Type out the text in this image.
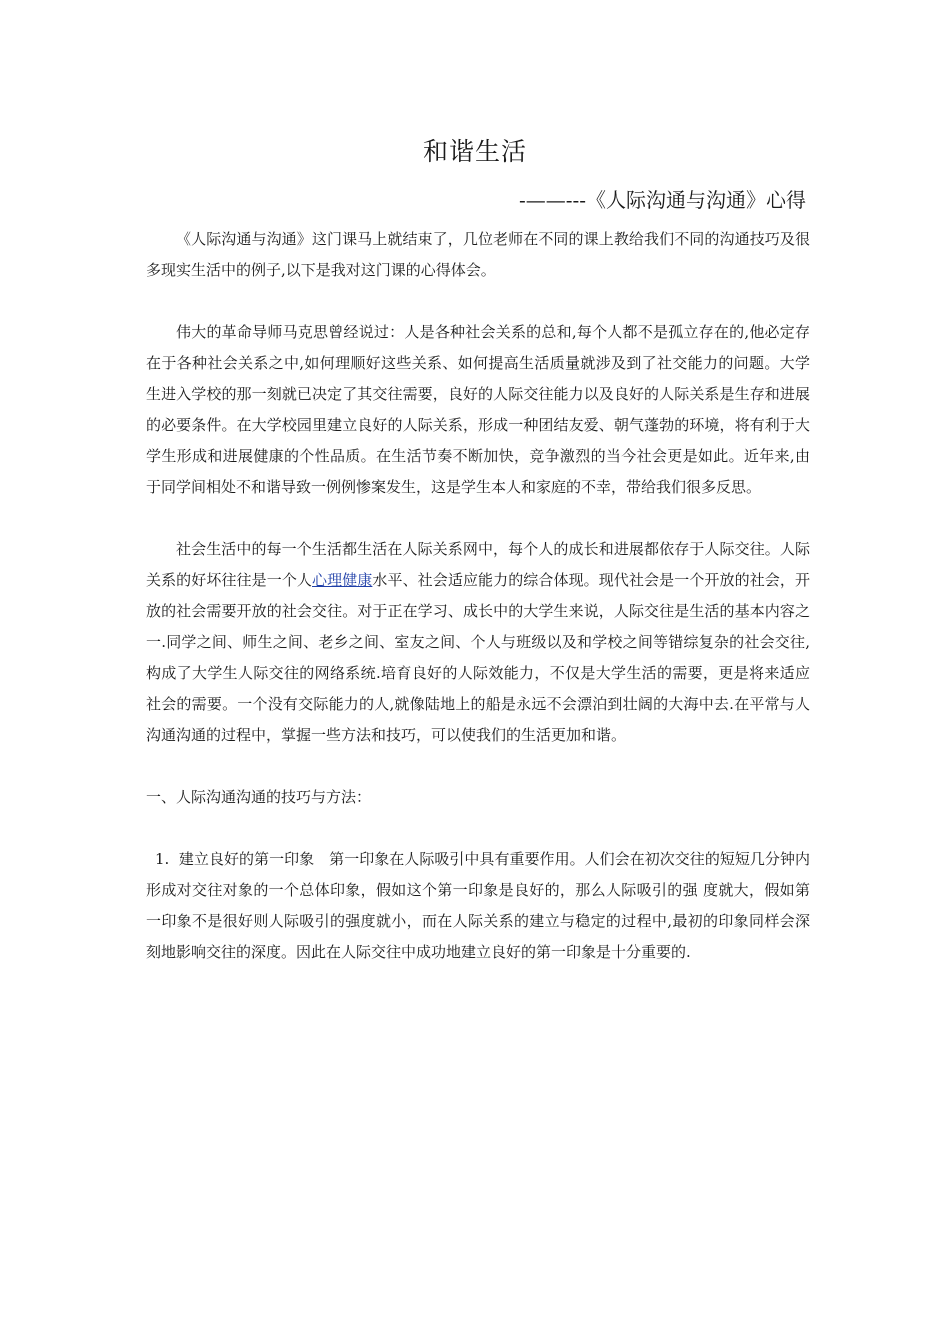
和谐生活
-——---《人际沟通与沟通》心得

《人际沟通与沟通》这门课马上就结束了，几位老师在不同的课上教给我们不同的沟通技巧及很多现实生活中的例子,以下是我对这门课的心得体会。

伟大的革命导师马克思曾经说过：人是各种社会关系的总和,每个人都不是孤立存在的,他必定存在于各种社会关系之中,如何理顺好这些关系、如何提高生活质量就涉及到了社交能力的问题。大学生进入学校的那一刻就已决定了其交往需要，良好的人际交往能力以及良好的人际关系是生存和进展的必要条件。在大学校园里建立良好的人际关系，形成一种团结友爱、朝气蓬勃的环境，将有利于大学生形成和进展健康的个性品质。在生活节奏不断加快，竞争激烈的当今社会更是如此。近年来,由于同学间相处不和谐导致一例例惨案发生，这是学生本人和家庭的不幸，带给我们很多反思。

社会生活中的每一个生活都生活在人际关系网中，每个人的成长和进展都依存于人际交往。人际关系的好坏往往是一个人心理健康水平、社会适应能力的综合体现。现代社会是一个开放的社会，开放的社会需要开放的社会交往。对于正在学习、成长中的大学生来说，人际交往是生活的基本内容之一.同学之间、师生之间、老乡之间、室友之间、个人与班级以及和学校之间等错综复杂的社会交往,构成了大学生人际交往的网络系统.培育良好的人际效能力，不仅是大学生活的需要，更是将来适应社会的需要。一个没有交际能力的人,就像陆地上的船是永远不会漂泊到壮阔的大海中去.在平常与人沟通沟通的过程中，掌握一些方法和技巧，可以使我们的生活更加和谐。

一、人际沟通沟通的技巧与方法：

1. 建立良好的第一印象　第一印象在人际吸引中具有重要作用。人们会在初次交往的短短几分钟内形成对交往对象的一个总体印象，假如这个第一印象是良好的，那么人际吸引的强 度就大，假如第一印象不是很好则人际吸引的强度就小，而在人际关系的建立与稳定的过程中,最初的印象同样会深刻地影响交往的深度。因此在人际交往中成功地建立良好的第一印象是十分重要的.
